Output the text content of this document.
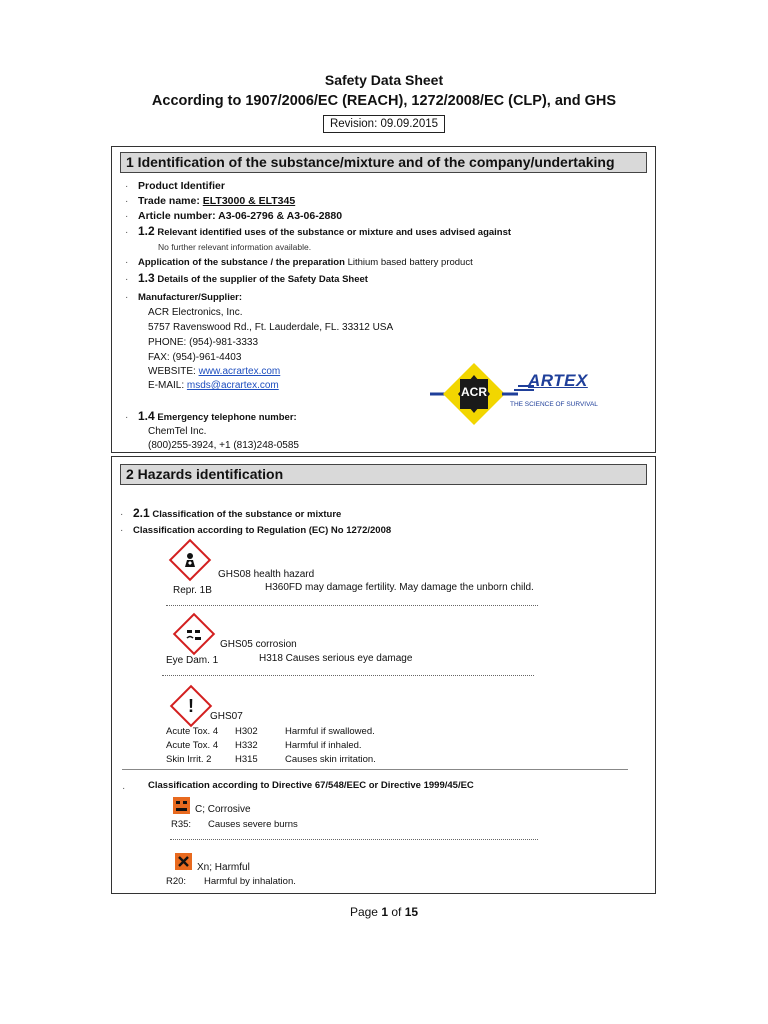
Safety Data Sheet
According to 1907/2006/EC (REACH), 1272/2008/EC (CLP), and GHS
Revision: 09.09.2015
1 Identification of the substance/mixture and of the company/undertaking
· Product Identifier
· Trade name: ELT3000 & ELT345
· Article number: A3-06-2796 & A3-06-2880
· 1.2 Relevant identified uses of the substance or mixture and uses advised against
No further relevant information available.
· Application of the substance / the preparation Lithium based battery product
· 1.3 Details of the supplier of the Safety Data Sheet
· Manufacturer/Supplier:
ACR Electronics, Inc.
5757 Ravenswood Rd., Ft. Lauderdale, FL. 33312 USA
PHONE: (954)-981-3333
FAX: (954)-961-4403
WEBSITE: www.acrartex.com
E-MAIL: msds@acrartex.com	ACR
ARTEX
THE SCIENCE OF SURVIVAL
· 1.4 Emergency telephone number:
ChemTel Inc.
(800)255-3924, +1 (813)248-0585
2 Hazards identification
· 2.1 Classification of the substance or mixture
· Classification according to Regulation (EC) No 1272/2008
GHS08 health hazard
Repr. 1B	H360FD may damage fertility. May damage the unborn child.
GHS05 corrosion
Eye Dam. 1	H318 Causes serious eye damage
!
GHS07
Acute Tox. 4 H302	Harmful if swallowed.
Acute Tox. 4 H332	Harmful if inhaled.
Skin Irrit. 2 H315	Causes skin irritation.
· Classification according to Directive 67/548/EEC or Directive 1999/45/EC
C; Corrosive
R35: Causes severe burns
Xn; Harmful
R20: Harmful by inhalation.
Page 1 of 15
